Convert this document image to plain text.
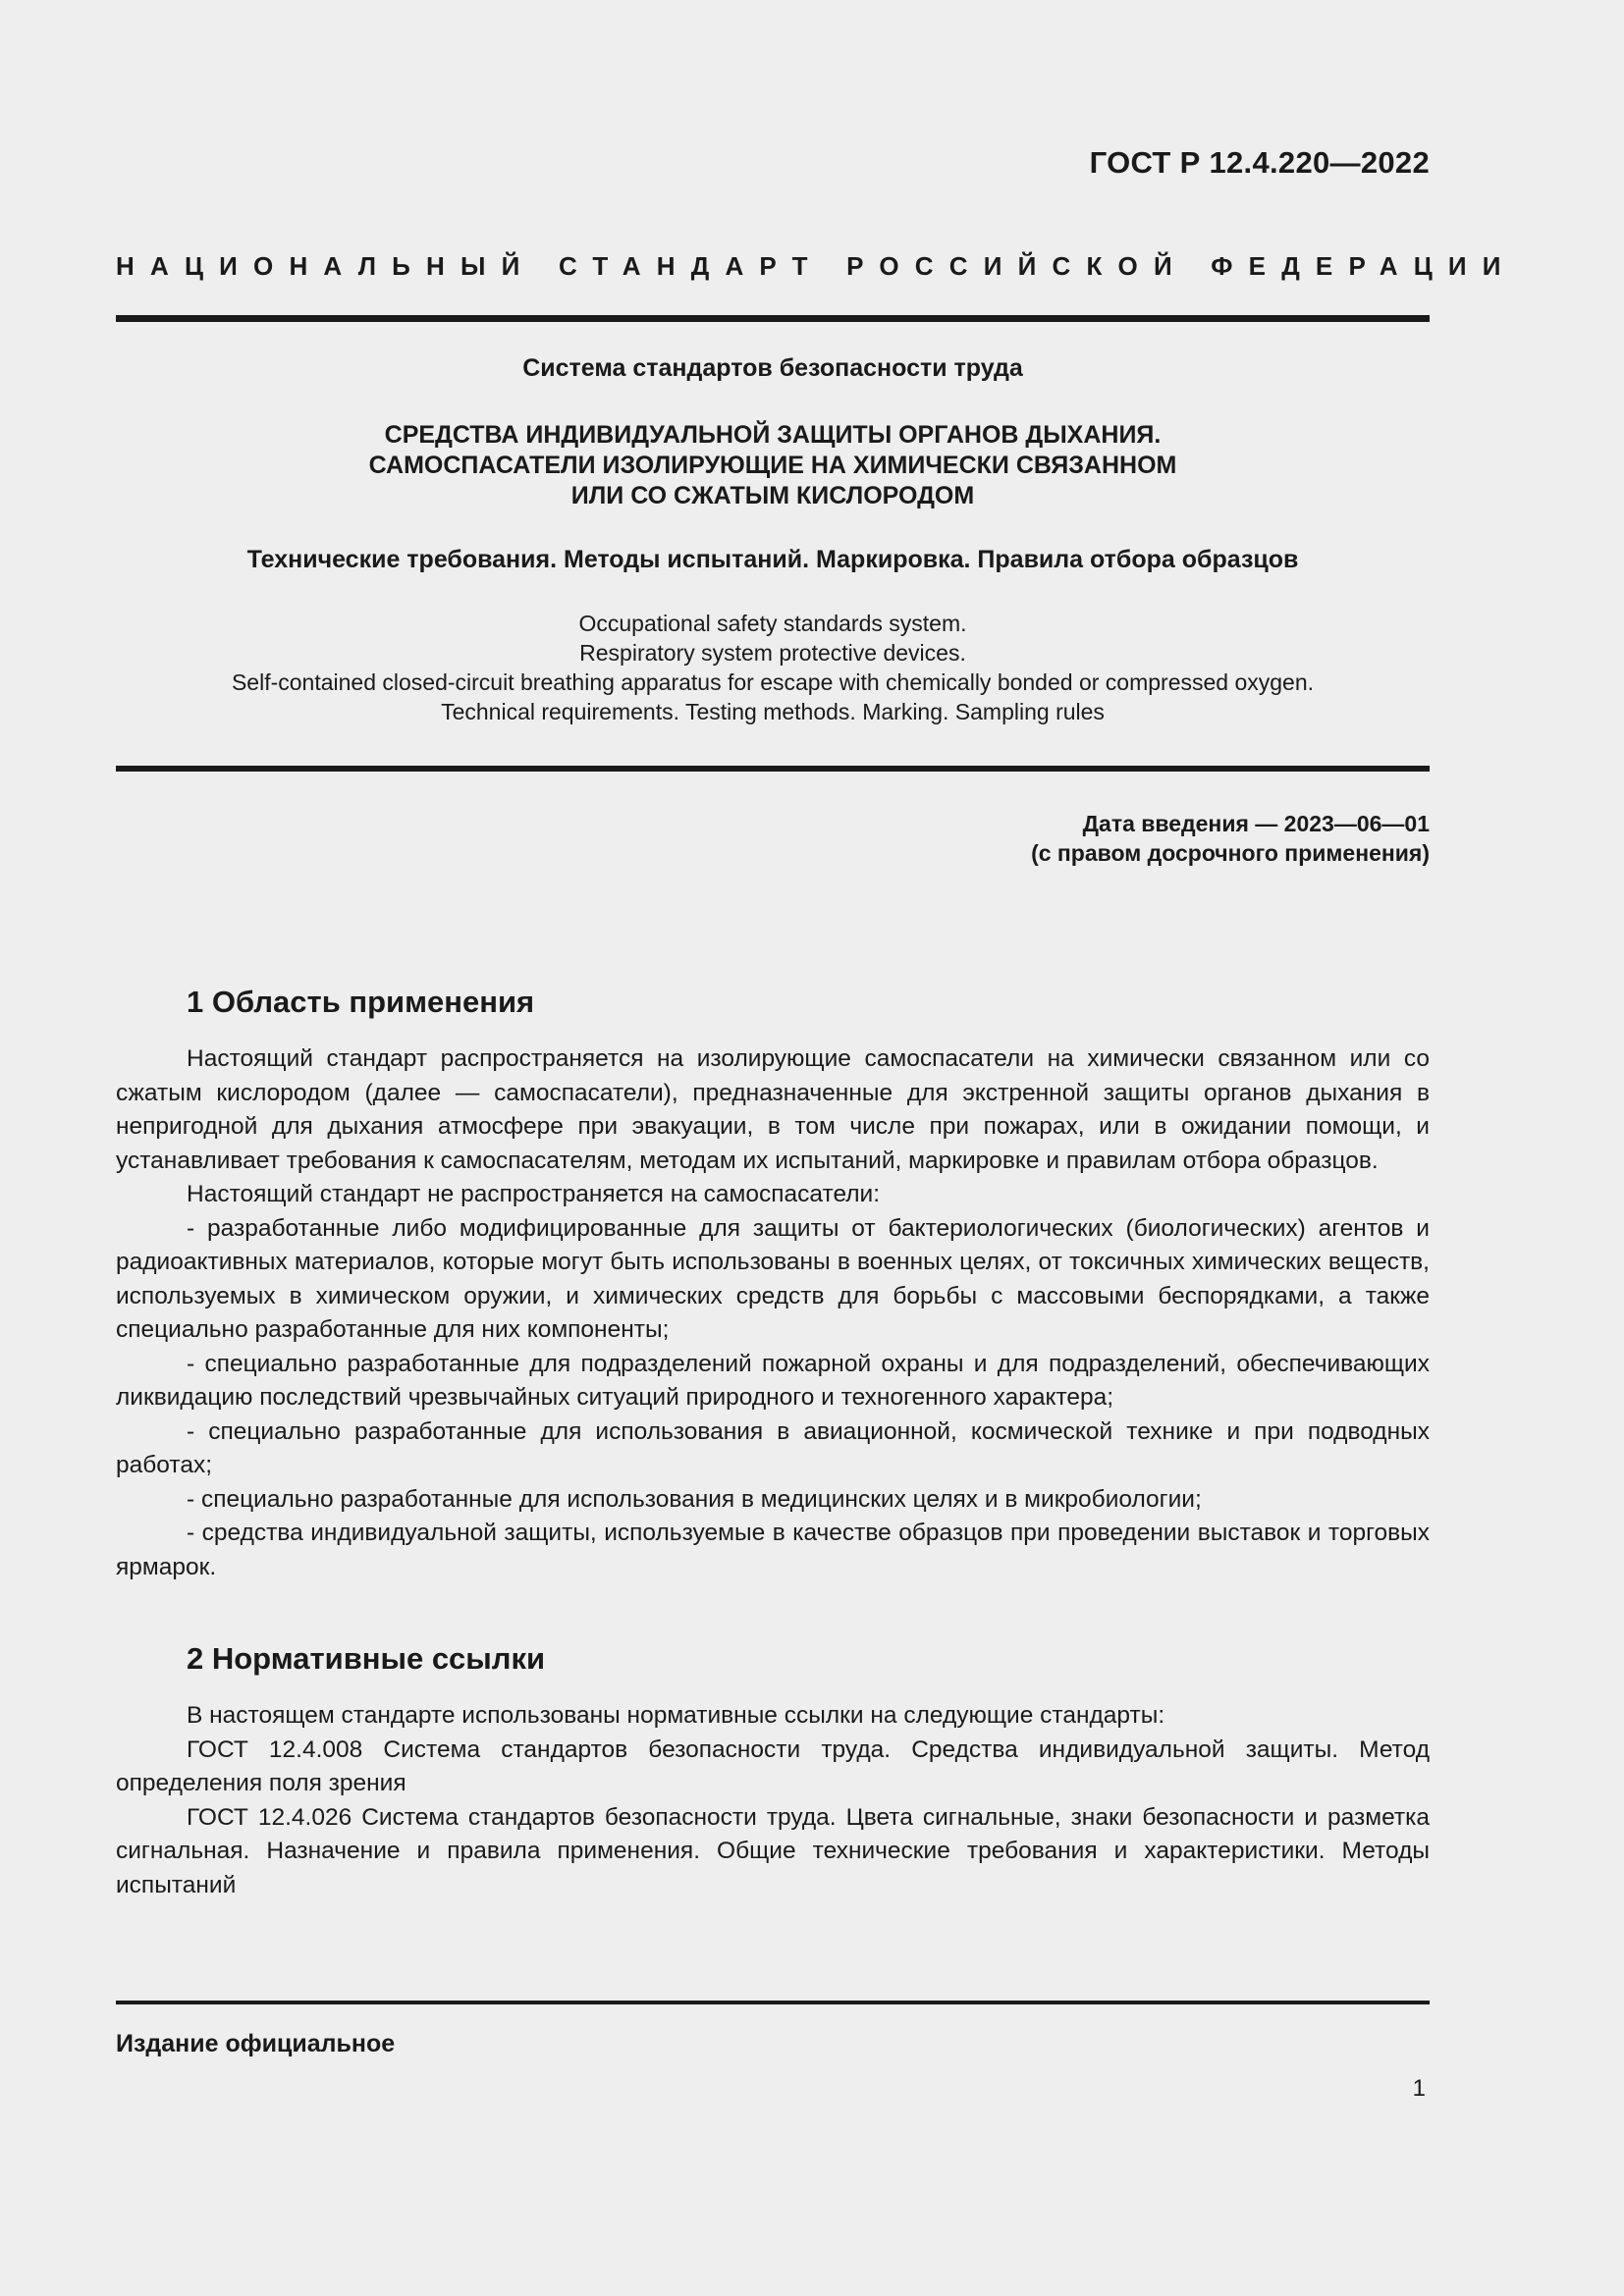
ГОСТ Р 12.4.220—2022
НАЦИОНАЛЬНЫЙ СТАНДАРТ РОССИЙСКОЙ ФЕДЕРАЦИИ
Система стандартов безопасности труда
СРЕДСТВА ИНДИВИДУАЛЬНОЙ ЗАЩИТЫ ОРГАНОВ ДЫХАНИЯ.
САМОСПАСАТЕЛИ ИЗОЛИРУЮЩИЕ НА ХИМИЧЕСКИ СВЯЗАННОМ
ИЛИ СО СЖАТЫМ КИСЛОРОДОМ
Технические требования. Методы испытаний. Маркировка. Правила отбора образцов
Occupational safety standards system.
Respiratory system protective devices.
Self-contained closed-circuit breathing apparatus for escape with chemically bonded or compressed oxygen.
Technical requirements. Testing methods. Marking. Sampling rules
Дата введения — 2023—06—01
(с правом досрочного применения)
1 Область применения

Настоящий стандарт распространяется на изолирующие самоспасатели на химически связанном или со сжатым кислородом (далее — самоспасатели), предназначенные для экстренной защиты органов дыхания в непригодной для дыхания атмосфере при эвакуации, в том числе при пожарах, или в ожидании помощи, и устанавливает требования к самоспасателям, методам их испытаний, маркировке и правилам отбора образцов.

Настоящий стандарт не распространяется на самоспасатели:

- разработанные либо модифицированные для защиты от бактериологических (биологических) агентов и радиоактивных материалов, которые могут быть использованы в военных целях, от токсичных химических веществ, используемых в химическом оружии, и химических средств для борьбы с массовыми беспорядками, а также специально разработанные для них компоненты;

- специально разработанные для подразделений пожарной охраны и для подразделений, обеспечивающих ликвидацию последствий чрезвычайных ситуаций природного и техногенного характера;

- специально разработанные для использования в авиационной, космической технике и при подводных работах;

- специально разработанные для использования в медицинских целях и в микробиологии;

- средства индивидуальной защиты, используемые в качестве образцов при проведении выставок и торговых ярмарок.

2 Нормативные ссылки

В настоящем стандарте использованы нормативные ссылки на следующие стандарты:

ГОСТ 12.4.008 Система стандартов безопасности труда. Средства индивидуальной защиты. Метод определения поля зрения

ГОСТ 12.4.026 Система стандартов безопасности труда. Цвета сигнальные, знаки безопасности и разметка сигнальная. Назначение и правила применения. Общие технические требования и характеристики. Методы испытаний

Издание официальное
1
